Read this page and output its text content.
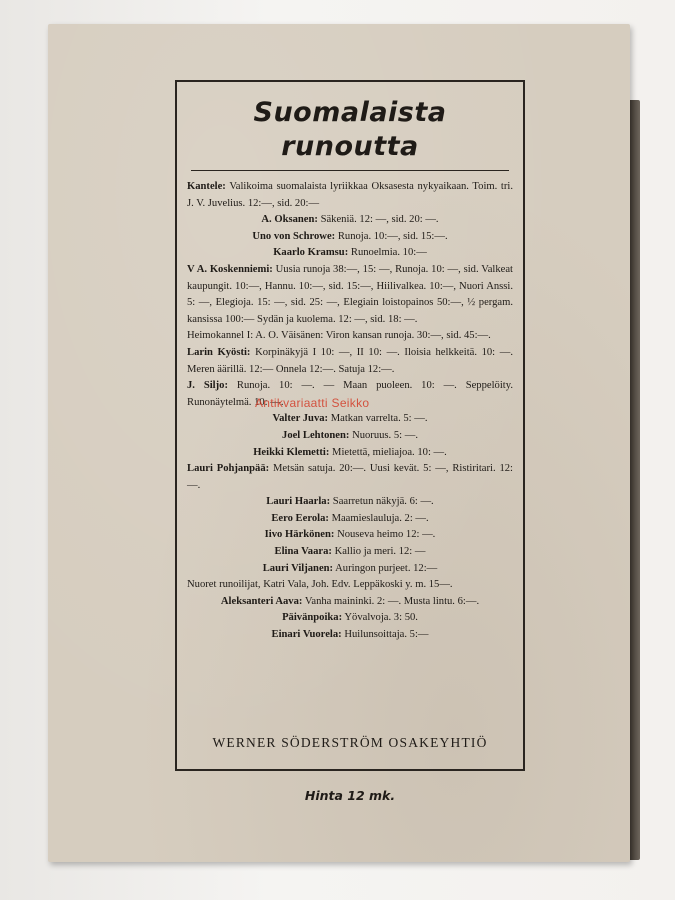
Suomalaista runoutta

Kantele: Valikoima suomalaista lyriikkaa Oksasesta nykyaikaan. Toim. tri. J. V. Juvelius. 12:—, sid. 20:—

A. Oksanen: Säkeniä. 12: —, sid. 20: —.

Uno von Schrowe: Runoja. 10:—, sid. 15:—.

Kaarlo Kramsu: Runoelmia. 10:—

V A. Koskenniemi: Uusia runoja 38:—, 15: —, Runoja. 10: —, sid. Valkeat kaupungit. 10:—, Hannu. 10:—, sid. 15:—, Hiilivalkea. 10:—, Nuori Anssi. 5: —, Elegioja. 15: —, sid. 25: —, Elegiain loistopainos 50:—, ½ pergam. kansissa 100:— Sydän ja kuolema. 12: —, sid. 18: —.

Heimokannel I: A. O. Väisänen: Viron kansan runoja. 30:—, sid. 45:—.

Larin Kyösti: Korpinäkyjä I 10: —, II 10: —. Iloisia helkkeitä. 10: —. Meren äärillä. 12:— Onnela 12:—. Satuja 12:—.

J. Siljo: Runoja. 10: —. — Maan puoleen. 10: —. Seppelöity. Runonäytelmä. 10: —.

Valter Juva: Matkan varrelta. 5: —.

Joel Lehtonen: Nuoruus. 5: —.

Heikki Klemetti: Mietettä, mieliajoa. 10: —.

Lauri Pohjanpää: Metsän satuja. 20:—. Uusi kevät. 5: —, Ristiritari. 12: —.

Lauri Haarla: Saarretun näkyjä. 6: —.

Eero Eerola: Maamieslauluja. 2: —.

Iivo Härkönen: Nouseva heimo 12: —.

Elina Vaara: Kallio ja meri. 12: —

Lauri Viljanen: Auringon purjeet. 12:—

Nuoret runoilijat, Katri Vala, Joh. Edv. Leppäkoski y. m. 15—.

Aleksanteri Aava: Vanha maininki. 2: —. Musta lintu. 6:—.

Päivänpoika: Yövalvoja. 3: 50.

Einari Vuorela: Huilunsoittaja. 5:—

WERNER SÖDERSTRÖM OSAKEYHTIÖ
Hinta 12 mk.
Antikvariaatti Seikko
